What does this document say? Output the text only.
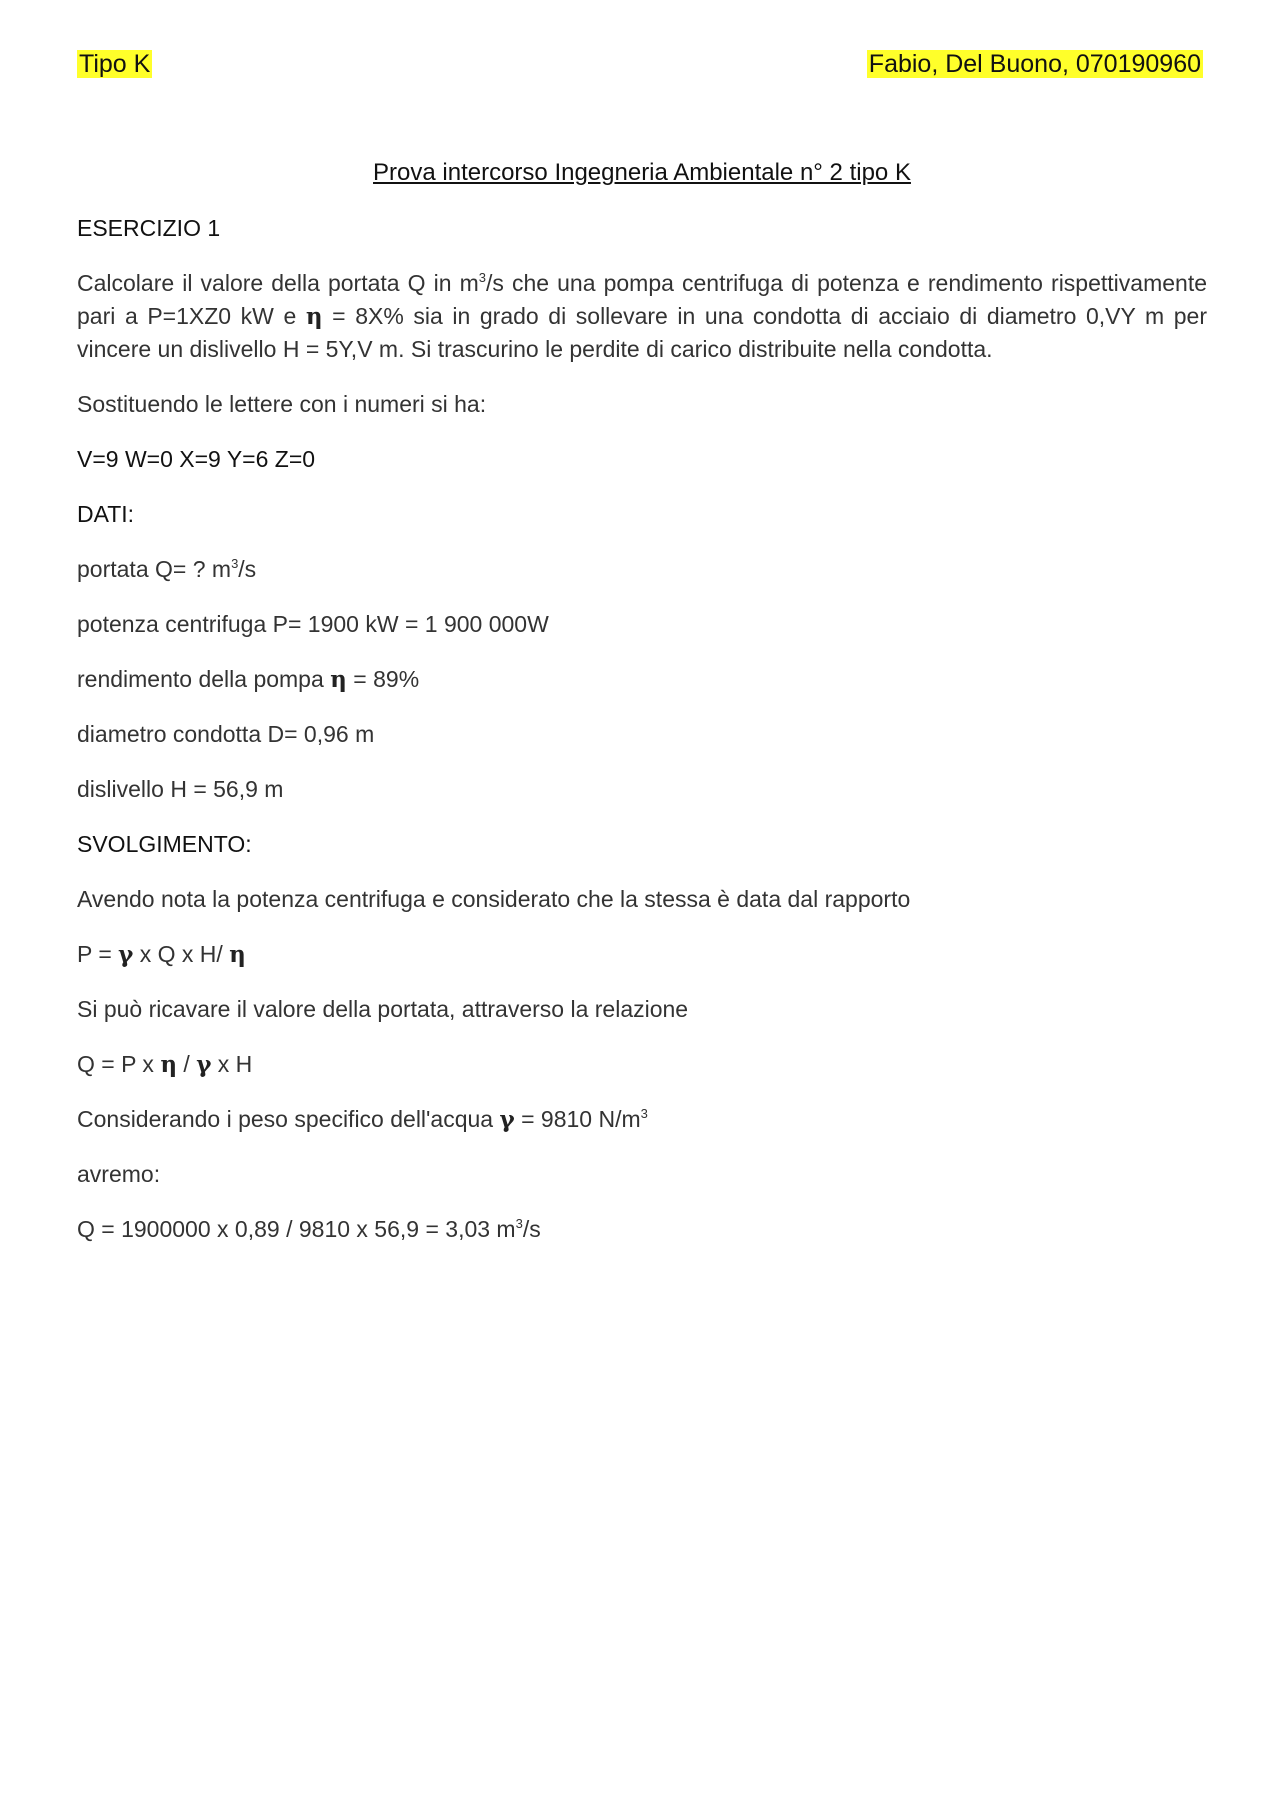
Tipo K	Fabio, Del Buono, 070190960
Prova intercorso Ingegneria Ambientale n° 2 tipo K
ESERCIZIO 1
Calcolare il valore della portata Q in $m^3/s$ che una pompa centrifuga di potenza e rendimento rispettivamente pari a P=1XZ0 kW e η = 8X% sia in grado di sollevare in una condotta di acciaio di diametro 0,VY m per vincere un dislivello H = 5Y,V m. Si trascurino le perdite di carico distribuite nella condotta.
Sostituendo le lettere con i numeri si ha:
V=9 W=0 X=9 Y=6 Z=0
DATI:
portata Q= ? $m^3/s$
potenza centrifuga P= 1900 kW = 1 900 000W
rendimento della pompa η = 89%
diametro condotta D= 0,96 m
dislivello H = 56,9 m
SVOLGIMENTO:
Avendo nota la potenza centrifuga e considerato che la stessa è data dal rapporto
P = γ x Q x H/ η
Si può ricavare il valore della portata, attraverso la relazione
Q = P x η / γ x H
Considerando i peso specifico dell'acqua γ = 9810 $N/m^3$
avremo:
Q = 1900000 x 0,89 / 9810 x 56,9 = 3,03 $m^3/s$
